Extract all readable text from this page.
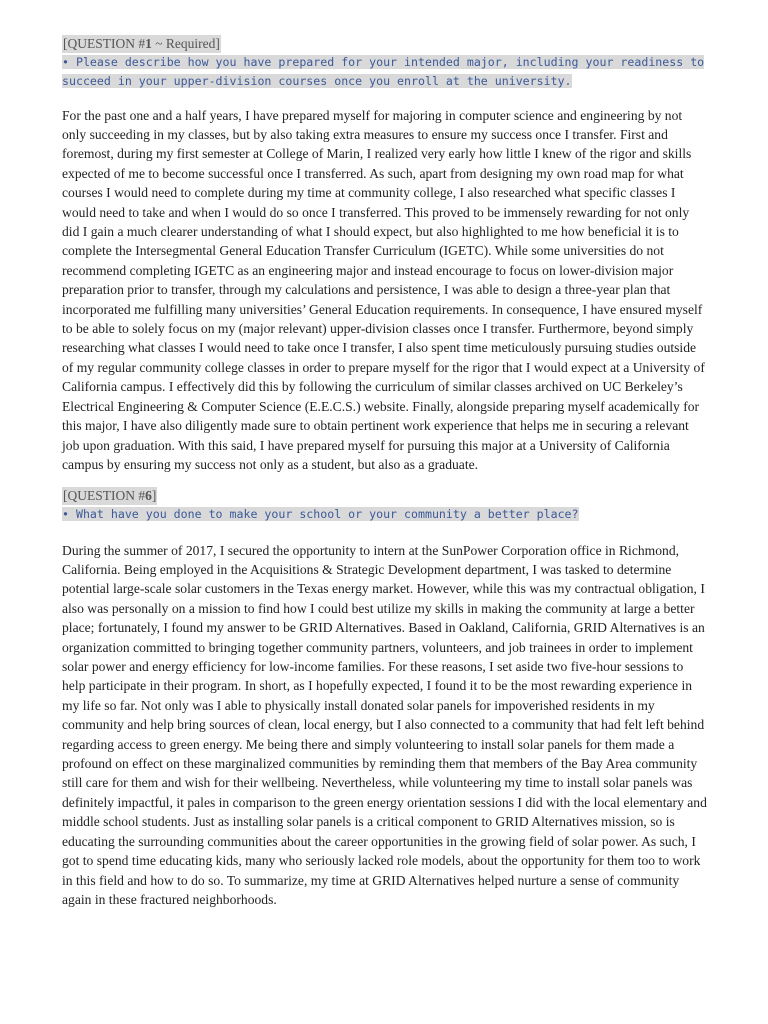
[QUESTION #1 ~ Required]
• Please describe how you have prepared for your intended major, including your readiness to succeed in your upper-division courses once you enroll at the university.

For the past one and a half years, I have prepared myself for majoring in computer science and engineering by not only succeeding in my classes, but by also taking extra measures to ensure my success once I transfer. First and foremost, during my first semester at College of Marin, I realized very early how little I knew of the rigor and skills expected of me to become successful once I transferred. As such, apart from designing my own road map for what courses I would need to complete during my time at community college, I also researched what specific classes I would need to take and when I would do so once I transferred. This proved to be immensely rewarding for not only did I gain a much clearer understanding of what I should expect, but also highlighted to me how beneficial it is to complete the Intersegmental General Education Transfer Curriculum (IGETC). While some universities do not recommend completing IGETC as an engineering major and instead encourage to focus on lower-division major preparation prior to transfer, through my calculations and persistence, I was able to design a three-year plan that incorporated me fulfilling many universities’ General Education requirements. In consequence, I have ensured myself to be able to solely focus on my (major relevant) upper-division classes once I transfer. Furthermore, beyond simply researching what classes I would need to take once I transfer, I also spent time meticulously pursuing studies outside of my regular community college classes in order to prepare myself for the rigor that I would expect at a University of California campus. I effectively did this by following the curriculum of similar classes archived on UC Berkeley’s Electrical Engineering & Computer Science (E.E.C.S.) website. Finally, alongside preparing myself academically for this major, I have also diligently made sure to obtain pertinent work experience that helps me in securing a relevant job upon graduation. With this said, I have prepared myself for pursuing this major at a University of California campus by ensuring my success not only as a student, but also as a graduate.

[QUESTION #6]
• What have you done to make your school or your community a better place?

During the summer of 2017, I secured the opportunity to intern at the SunPower Corporation office in Richmond, California. Being employed in the Acquisitions & Strategic Development department, I was tasked to determine potential large-scale solar customers in the Texas energy market. However, while this was my contractual obligation, I also was personally on a mission to find how I could best utilize my skills in making the community at large a better place; fortunately, I found my answer to be GRID Alternatives. Based in Oakland, California, GRID Alternatives is an organization committed to bringing together community partners, volunteers, and job trainees in order to implement solar power and energy efficiency for low-income families. For these reasons, I set aside two five-hour sessions to help participate in their program. In short, as I hopefully expected, I found it to be the most rewarding experience in my life so far. Not only was I able to physically install donated solar panels for impoverished residents in my community and help bring sources of clean, local energy, but I also connected to a community that had felt left behind regarding access to green energy. Me being there and simply volunteering to install solar panels for them made a profound on effect on these marginalized communities by reminding them that members of the Bay Area community still care for them and wish for their wellbeing. Nevertheless, while volunteering my time to install solar panels was definitely impactful, it pales in comparison to the green energy orientation sessions I did with the local elementary and middle school students. Just as installing solar panels is a critical component to GRID Alternatives mission, so is educating the surrounding communities about the career opportunities in the growing field of solar power. As such, I got to spend time educating kids, many who seriously lacked role models, about the opportunity for them too to work in this field and how to do so. To summarize, my time at GRID Alternatives helped nurture a sense of community again in these fractured neighborhoods.
